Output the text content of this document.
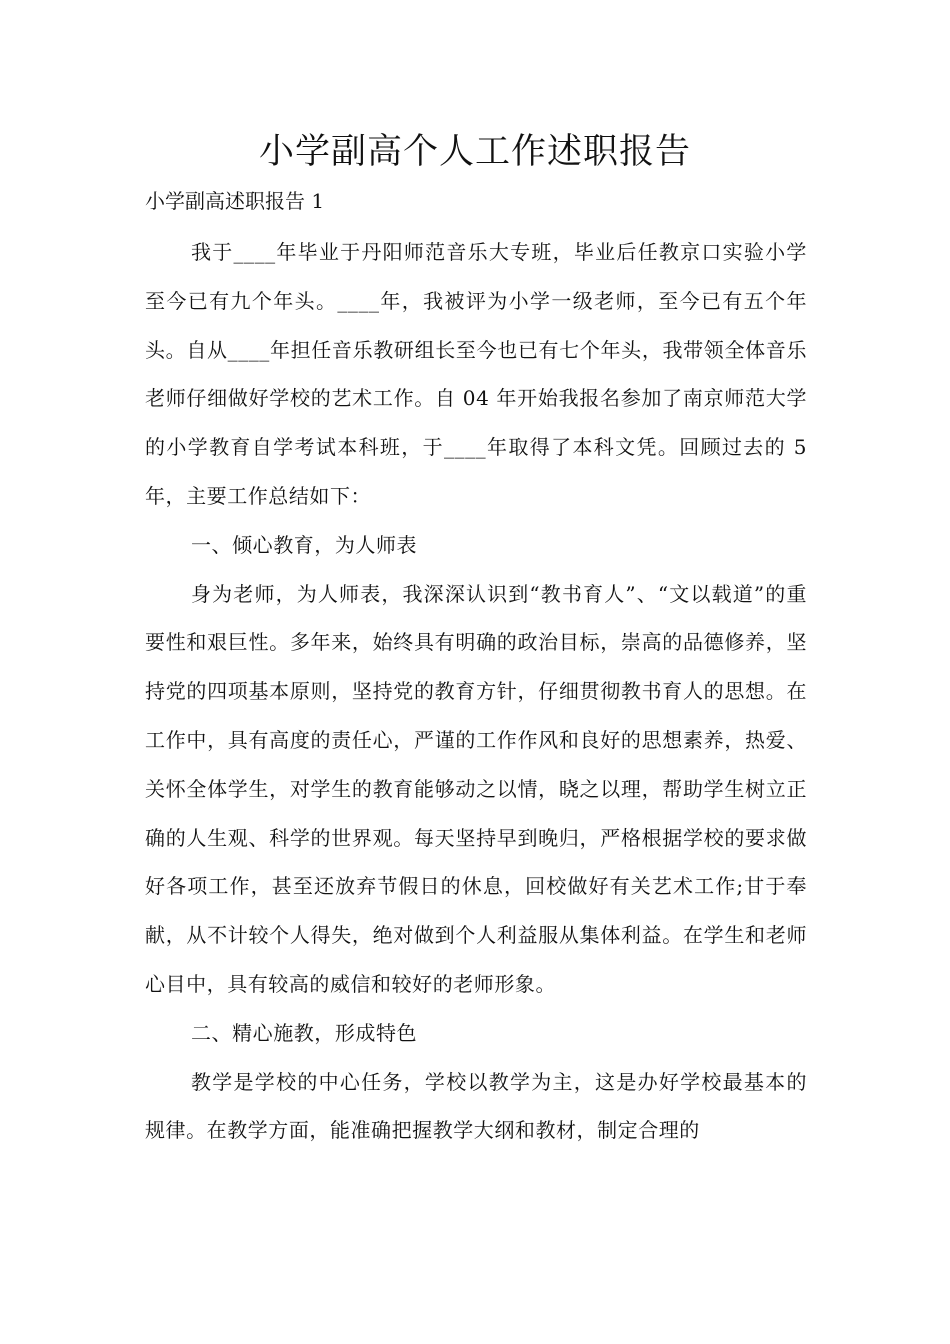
小学副高个人工作述职报告

小学副高述职报告 1

我于____年毕业于丹阳师范音乐大专班，毕业后任教京口实验小学至今已有九个年头。____年，我被评为小学一级老师，至今已有五个年头。自从____年担任音乐教研组长至今也已有七个年头，我带领全体音乐老师仔细做好学校的艺术工作。自 04 年开始我报名参加了南京师范大学的小学教育自学考试本科班，于____年取得了本科文凭。回顾过去的 5 年，主要工作总结如下：

一、倾心教育，为人师表

身为老师，为人师表，我深深认识到“教书育人”、“文以载道”的重要性和艰巨性。多年来，始终具有明确的政治目标，崇高的品德修养，坚持党的四项基本原则，坚持党的教育方针，仔细贯彻教书育人的思想。在工作中，具有高度的责任心，严谨的工作作风和良好的思想素养，热爱、关怀全体学生，对学生的教育能够动之以情，晓之以理，帮助学生树立正确的人生观、科学的世界观。每天坚持早到晚归，严格根据学校的要求做好各项工作，甚至还放弃节假日的休息，回校做好有关艺术工作;甘于奉献，从不计较个人得失，绝对做到个人利益服从集体利益。在学生和老师心目中，具有较高的威信和较好的老师形象。

二、精心施教，形成特色

教学是学校的中心任务，学校以教学为主，这是办好学校最基本的规律。在教学方面，能准确把握教学大纲和教材，制定合理的
